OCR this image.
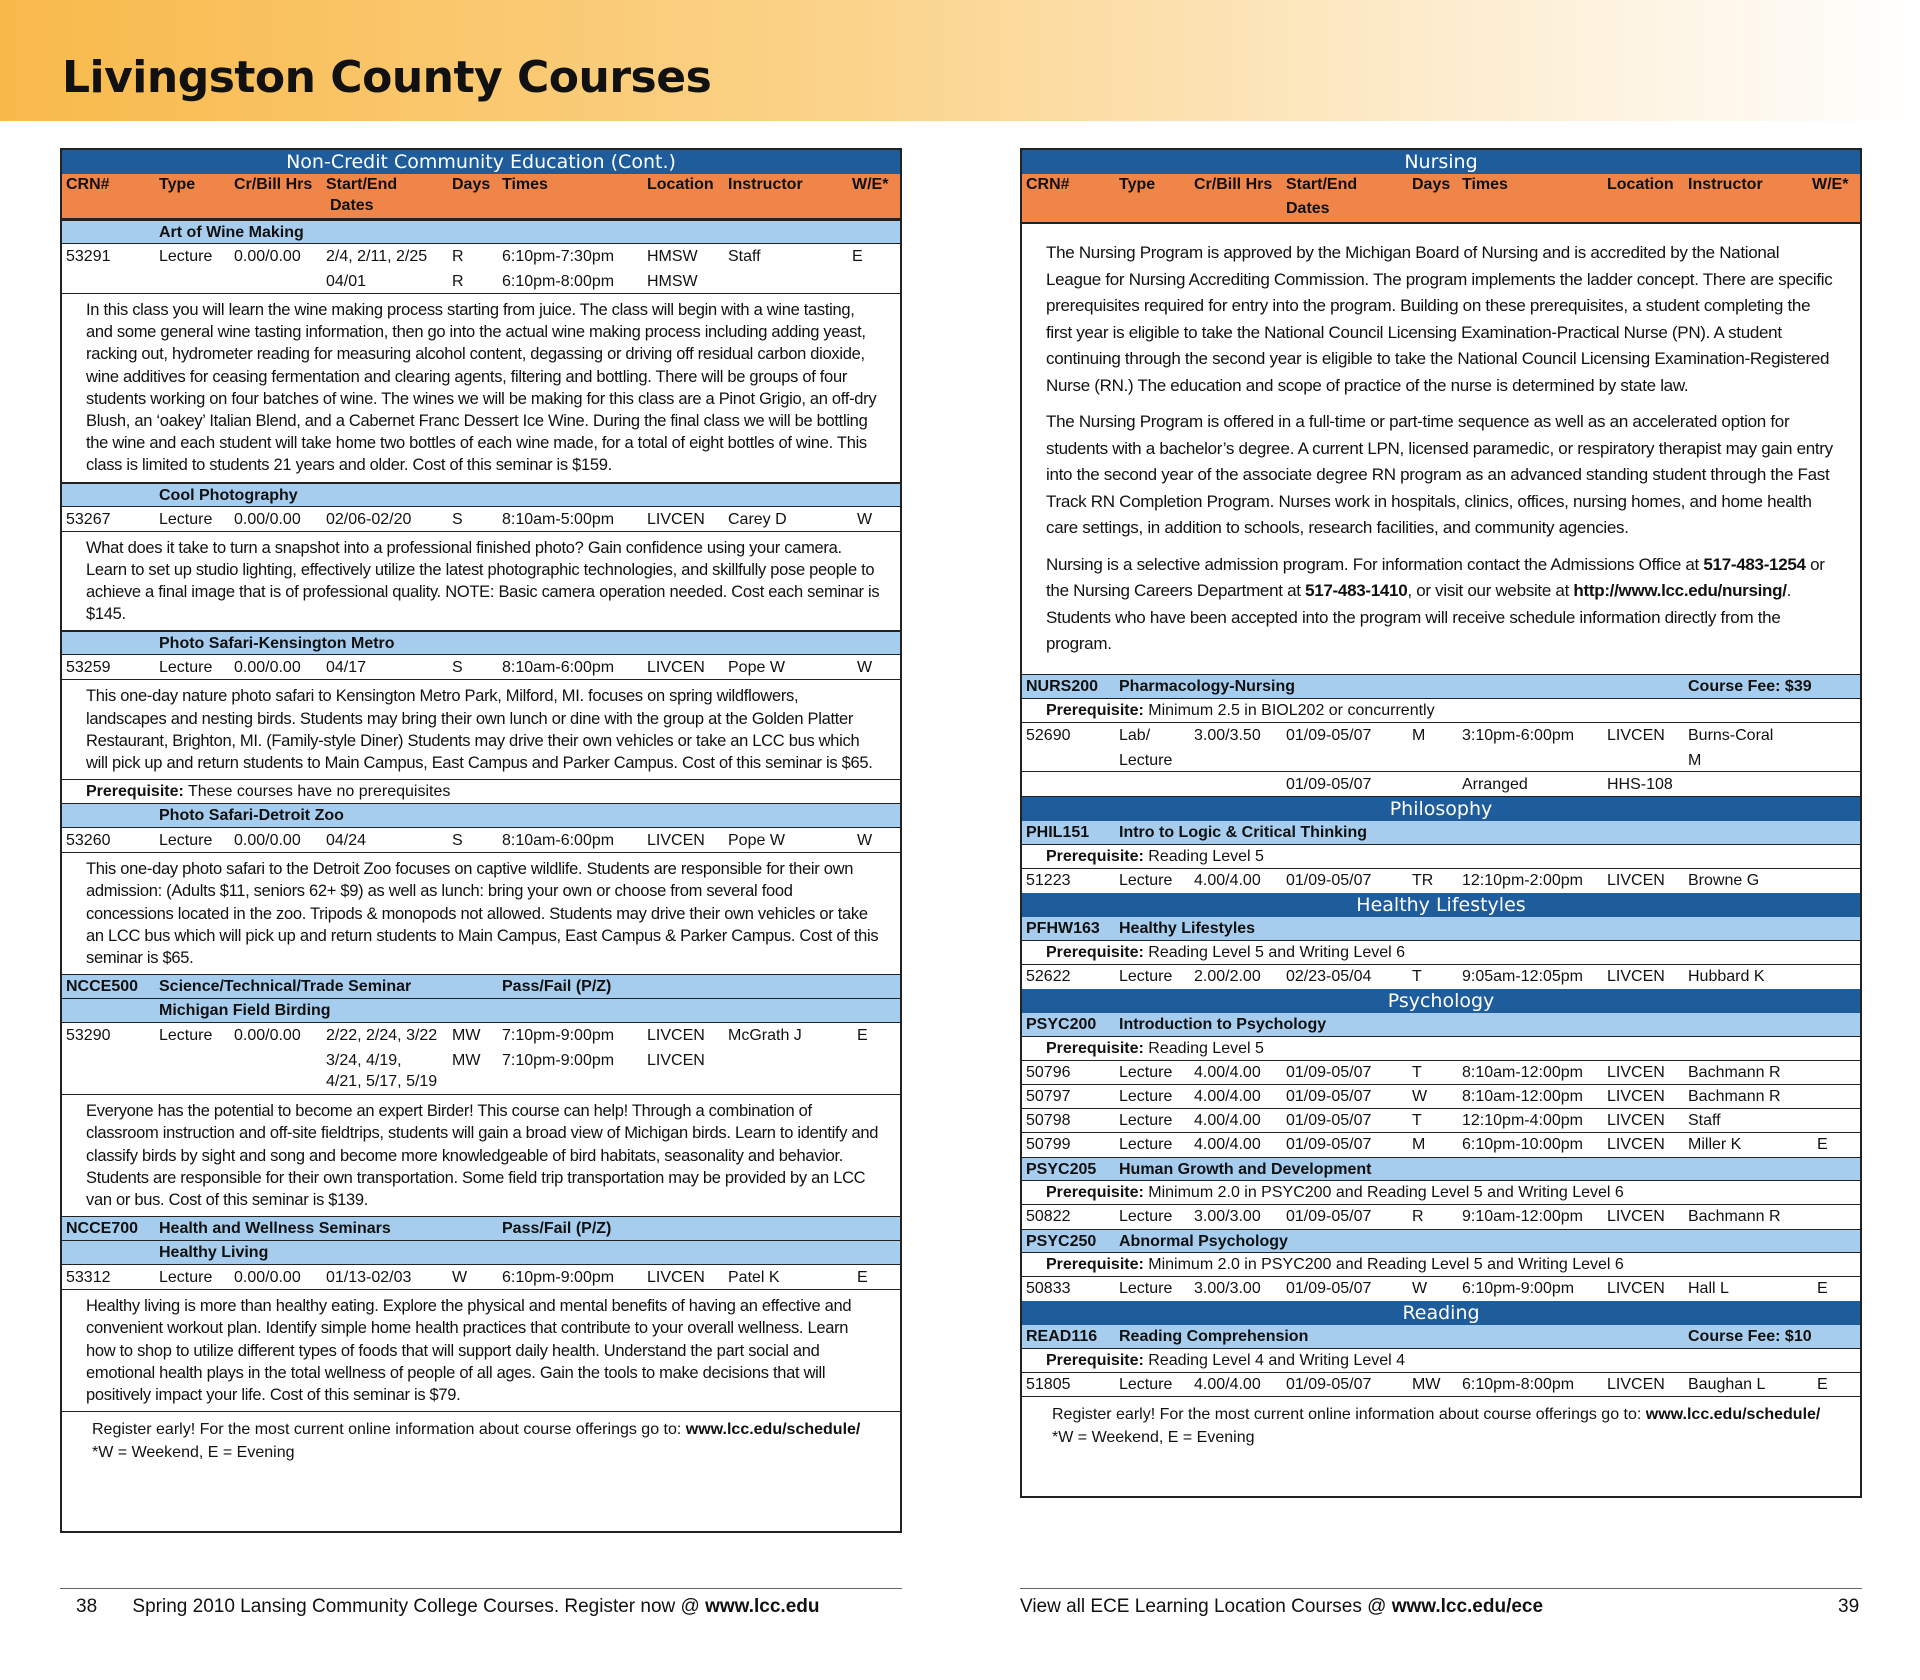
Livingston County Courses
Non-Credit Community Education (Cont.)
CRN#	Type Cr/Bill Hrs Start/End
Dates
Days Times	Location Instructor	W/E*
Art of Wine Making
53291	Lecture 0.00/0.00 2/4, 2/11, 2/25 R 6:10pm-7:30pm HMSW Staff	E
04/01	R 6:10pm-8:00pm HMSW
In this class you will learn the wine making process starting from juice. The class will begin with a wine tasting, and some general wine tasting information, then go into the actual wine making process including adding yeast, racking out, hydrometer reading for measuring alcohol content, degassing or driving off residual carbon dioxide, wine additives for ceasing fermentation and clearing agents, filtering and bottling. There will be groups of four students working on four batches of wine. The wines we will be making for this class are a Pinot Grigio, an off-dry Blush, an ‘oakey’ Italian Blend, and a Cabernet Franc Dessert Ice Wine. During the final class we will be bottling the wine and each student will take home two bottles of each wine made, for a total of eight bottles of wine. This class is limited to students 21 years and older. Cost of this seminar is $159.
Cool Photography
53267	Lecture 0.00/0.00 02/06-02/20	S 8:10am-5:00pm LIVCEN Carey D	W
What does it take to turn a snapshot into a professional finished photo? Gain confidence using your camera. Learn to set up studio lighting, effectively utilize the latest photographic technologies, and skillfully pose people to achieve a final image that is of professional quality. NOTE: Basic camera operation needed. Cost each seminar is $145.
Photo Safari-Kensington Metro
53259	Lecture 0.00/0.00 04/17	S 8:10am-6:00pm LIVCEN Pope W	W
This one-day nature photo safari to Kensington Metro Park, Milford, MI. focuses on spring wildflowers, landscapes and nesting birds. Students may bring their own lunch or dine with the group at the Golden Platter Restaurant, Brighton, MI. (Family-style Diner) Students may drive their own vehicles or take an LCC bus which will pick up and return students to Main Campus, East Campus and Parker Campus. Cost of this seminar is $65.
Prerequisite: These courses have no prerequisites
Photo Safari-Detroit Zoo
53260	Lecture 0.00/0.00 04/24	S 8:10am-6:00pm LIVCEN Pope W	W
This one-day photo safari to the Detroit Zoo focuses on captive wildlife. Students are responsible for their own admission: (Adults $11, seniors 62+ $9) as well as lunch: bring your own or choose from several food concessions located in the zoo. Tripods & monopods not allowed. Students may drive their own vehicles or take an LCC bus which will pick up and return students to Main Campus, East Campus & Parker Campus. Cost of this seminar is $65.
NCCE500 Science/Technical/Trade Seminar	Pass/Fail (P/Z)
Michigan Field Birding
53290	Lecture 0.00/0.00 2/22, 2/24, 3/22 MW 7:10pm-9:00pm LIVCEN McGrath J	E
3/24, 4/19,	MW 7:10pm-9:00pm LIVCEN
4/21, 5/17, 5/19
Everyone has the potential to become an expert Birder! This course can help! Through a combination of classroom instruction and off-site fieldtrips, students will gain a broad view of Michigan birds. Learn to identify and classify birds by sight and song and become more knowledgeable of bird habitats, seasonality and behavior. Students are responsible for their own transportation. Some field trip transportation may be provided by an LCC van or bus. Cost of this seminar is $139.
NCCE700 Health and Wellness Seminars	Pass/Fail (P/Z)
Healthy Living
53312	Lecture 0.00/0.00 01/13-02/03	W 6:10pm-9:00pm LIVCEN Patel K	E
Healthy living is more than healthy eating. Explore the physical and mental benefits of having an effective and convenient workout plan. Identify simple home health practices that contribute to your overall wellness. Learn how to shop to utilize different types of foods that will support daily health. Understand the part social and emotional health plays in the total wellness of people of all ages. Gain the tools to make decisions that will positively impact your life. Cost of this seminar is $79.
Register early! For the most current online information about course offerings go to: www.lcc.edu/schedule/
*W = Weekend, E = Evening
Nursing
CRN#	Type Cr/Bill Hrs Start/End
Dates
Days Times	Location Instructor	W/E*

The Nursing Program is approved by the Michigan Board of Nursing and is accredited by the National League for Nursing Accrediting Commission. The program implements the ladder concept. There are specific prerequisites required for entry into the program. Building on these prerequisites, a student completing the first year is eligible to take the National Council Licensing Examination-Practical Nurse (PN). A student continuing through the second year is eligible to take the National Council Licensing Examination-Registered Nurse (RN.) The education and scope of practice of the nurse is determined by state law.

The Nursing Program is offered in a full-time or part-time sequence as well as an accelerated option for students with a bachelor’s degree. A current LPN, licensed paramedic, or respiratory therapist may gain entry into the second year of the associate degree RN program as an advanced standing student through the Fast Track RN Completion Program. Nurses work in hospitals, clinics, offices, nursing homes, and home health care settings, in addition to schools, research facilities, and community agencies.

Nursing is a selective admission program. For information contact the Admissions Office at 517-483-1254 or the Nursing Careers Department at 517-483-1410, or visit our website at http://www.lcc.edu/nursing/. Students who have been accepted into the program will receive schedule information directly from the program.

NURS200 Pharmacology-Nursing	Course Fee: $39
Prerequisite: Minimum 2.5 in BIOL202 or concurrently
52690	Lab/	3.00/3.50 01/09-05/07	M 3:10pm-6:00pm LIVCEN Burns-Coral
Lecture	M
01/09-05/07	Arranged	HHS-108
Philosophy
PHIL151 Intro to Logic & Critical Thinking
Prerequisite: Reading Level 5
51223	Lecture 4.00/4.00 01/09-05/07	TR 12:10pm-2:00pm LIVCEN Browne G
Healthy Lifestyles
PFHW163 Healthy Lifestyles
Prerequisite: Reading Level 5 and Writing Level 6
52622	Lecture 2.00/2.00 02/23-05/04	T	9:05am-12:05pm LIVCEN Hubbard K
Psychology
PSYC200 Introduction to Psychology
Prerequisite: Reading Level 5
50796	Lecture 4.00/4.00 01/09-05/07	T	8:10am-12:00pm LIVCEN Bachmann R
50797	Lecture 4.00/4.00 01/09-05/07	W 8:10am-12:00pm LIVCEN Bachmann R
50798	Lecture 4.00/4.00 01/09-05/07	T	12:10pm-4:00pm LIVCEN Staff
50799	Lecture 4.00/4.00 01/09-05/07	M 6:10pm-10:00pm LIVCEN Miller K	E
PSYC205 Human Growth and Development
Prerequisite: Minimum 2.0 in PSYC200 and Reading Level 5 and Writing Level 6
50822	Lecture 3.00/3.00 01/09-05/07	R 9:10am-12:00pm LIVCEN Bachmann R
PSYC250 Abnormal Psychology
Prerequisite: Minimum 2.0 in PSYC200 and Reading Level 5 and Writing Level 6
50833	Lecture 3.00/3.00 01/09-05/07	W 6:10pm-9:00pm LIVCEN Hall L	E
Reading
READ116 Reading Comprehension	Course Fee: $10
Prerequisite: Reading Level 4 and Writing Level 4
51805	Lecture 4.00/4.00 01/09-05/07	MW 6:10pm-8:00pm LIVCEN Baughan L	E
Register early! For the most current online information about course offerings go to: www.lcc.edu/schedule/
*W = Weekend, E = Evening
38 Spring 2010 Lansing Community College Courses. Register now @ www.lcc.edu	View all ECE Learning Location Courses @ www.lcc.edu/ece	39
